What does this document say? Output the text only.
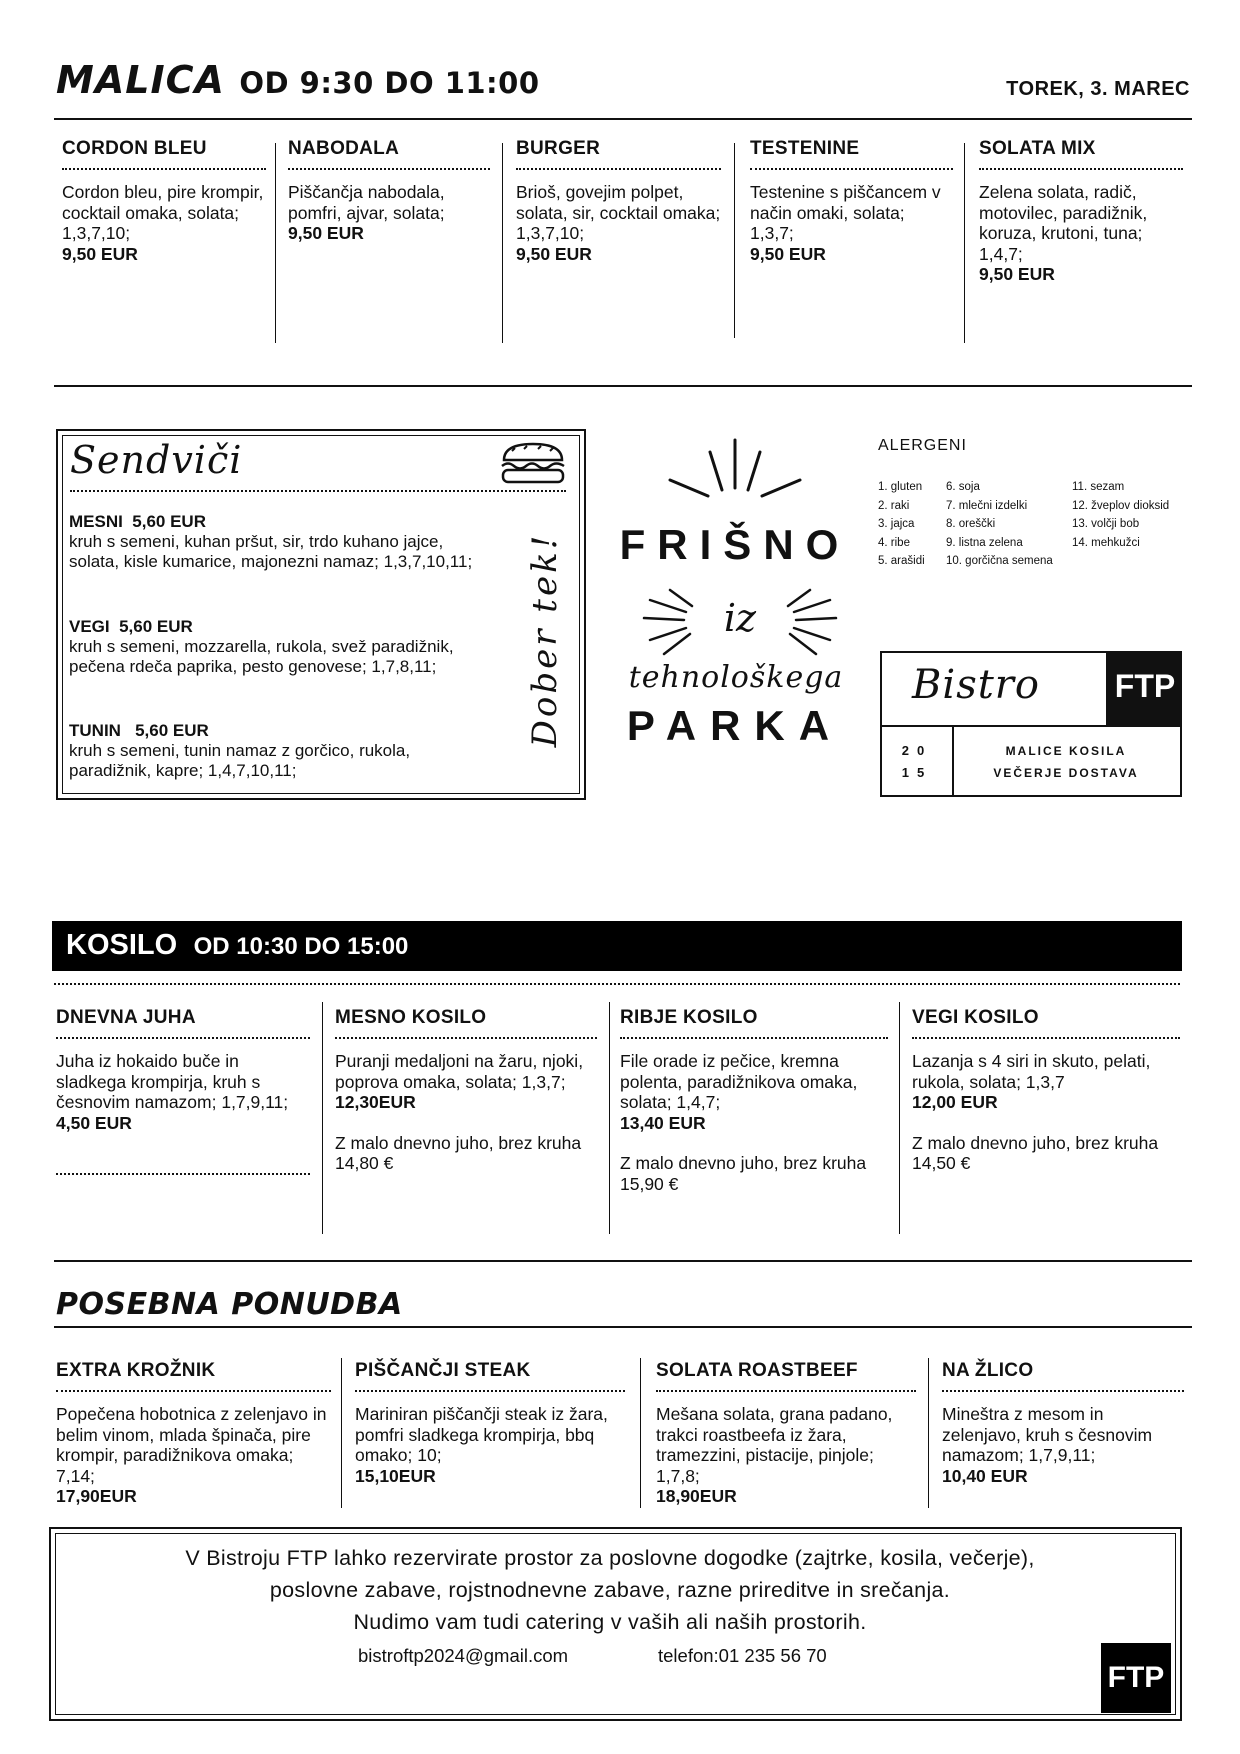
MALICA OD 9:30 DO 11:00	TOREK, 3. MAREC
CORDON BLEU
Cordon bleu, pire krompir, cocktail omaka, solata; 1,3,7,10;
9,50 EUR
NABODALA
Piščančja nabodala, pomfri, ajvar, solata;
9,50 EUR
BURGER
Brioš, govejim polpet, solata, sir, cocktail omaka; 1,3,7,10;
9,50 EUR
TESTENINE
Testenine s piščancem v način omaki, solata; 1,3,7;
9,50 EUR
SOLATA MIX
Zelena solata, radič, motovilec, paradižnik, koruza, krutoni, tuna; 1,4,7;
9,50 EUR
Sendviči
MESNI  5,60 EUR
kruh s semeni, kuhan pršut, sir, trdo kuhano jajce, solata, kisle kumarice, majonezni namaz; 1,3,7,10,11;
VEGI  5,60 EUR
kruh s semeni, mozzarella, rukola, svež paradižnik, pečena rdeča paprika, pesto genovese; 1,7,8,11;
TUNIN   5,60 EUR
kruh s semeni, tunin namaz z gorčico, rukola, paradižnik, kapre; 1,4,7,10,11;
Dober tek! FRIŠNO
iz
tehnološkega
PARKA
ALERGENI
1. gluten
2. raki
3. jajca
4. ribe
5. arašidi
6. soja
7. mlečni izdelki
8. oreščki
9. listna zelena
10. gorčična semena
11. sezam
12. žveplov dioksid
13. volčji bob
14. mehkužci
Bistro FTP
20
15
MALICE KOSILA
VEČERJE DOSTAVA
KOSILO OD 10:30 DO 15:00
DNEVNA JUHA
Juha iz hokaido buče in sladkega krompirja, kruh s česnovim namazom; 1,7,9,11;
4,50 EUR
MESNO KOSILO
Puranji medaljoni na žaru, njoki, poprova omaka, solata; 1,3,7;
12,30EUR
Z malo dnevno juho, brez kruha 14,80 €
RIBJE KOSILO
File orade iz pečice, kremna polenta, paradižnikova omaka, solata; 1,4,7;
13,40 EUR
Z malo dnevno juho, brez kruha 15,90 €
VEGI KOSILO
Lazanja s 4 siri in skuto, pelati, rukola, solata; 1,3,7
12,00 EUR
Z malo dnevno juho, brez kruha 14,50 €
POSEBNA PONUDBA
EXTRA KROŽNIK
Popečena hobotnica z zelenjavo in belim vinom, mlada špinača, pire krompir, paradižnikova omaka; 7,14;
17,90EUR
PIŠČANČJI STEAK
Mariniran piščančji steak iz žara, pomfri sladkega krompirja, bbq omako; 10;
15,10EUR
SOLATA ROASTBEEF
Mešana solata, grana padano, trakci roastbeefa iz žara, tramezzini, pistacije, pinjole; 1,7,8;
18,90EUR
NA ŽLICO
Mineštra z mesom in zelenjavo, kruh s česnovim namazom; 1,7,9,11;
10,40 EUR
V Bistroju FTP lahko rezervirate prostor za poslovne dogodke (zajtrke, kosila, večerje),
poslovne zabave, rojstnodnevne zabave, razne prireditve in srečanja.
Nudimo vam tudi catering v vaših ali naših prostorih.
bistroftp2024@gmail.com	telefon:01 235 56 70
FTP
